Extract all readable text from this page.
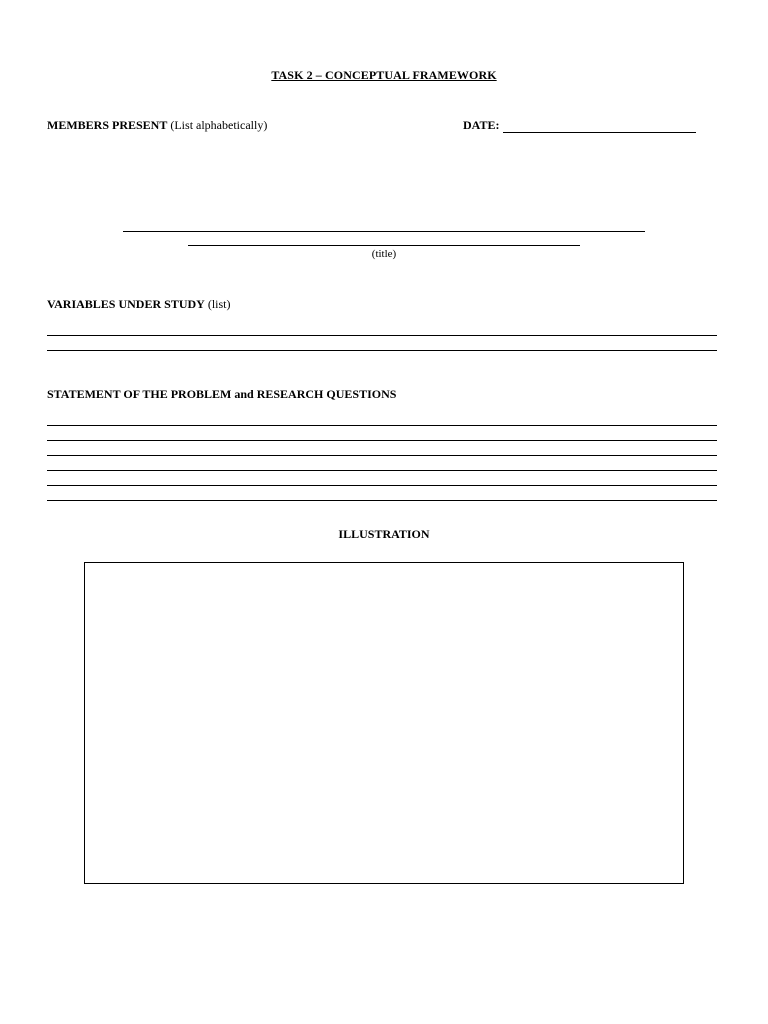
TASK 2 – CONCEPTUAL FRAMEWORK
MEMBERS PRESENT (List alphabetically)	DATE:
(title)
VARIABLES UNDER STUDY (list)
STATEMENT OF THE PROBLEM and RESEARCH QUESTIONS
ILLUSTRATION
